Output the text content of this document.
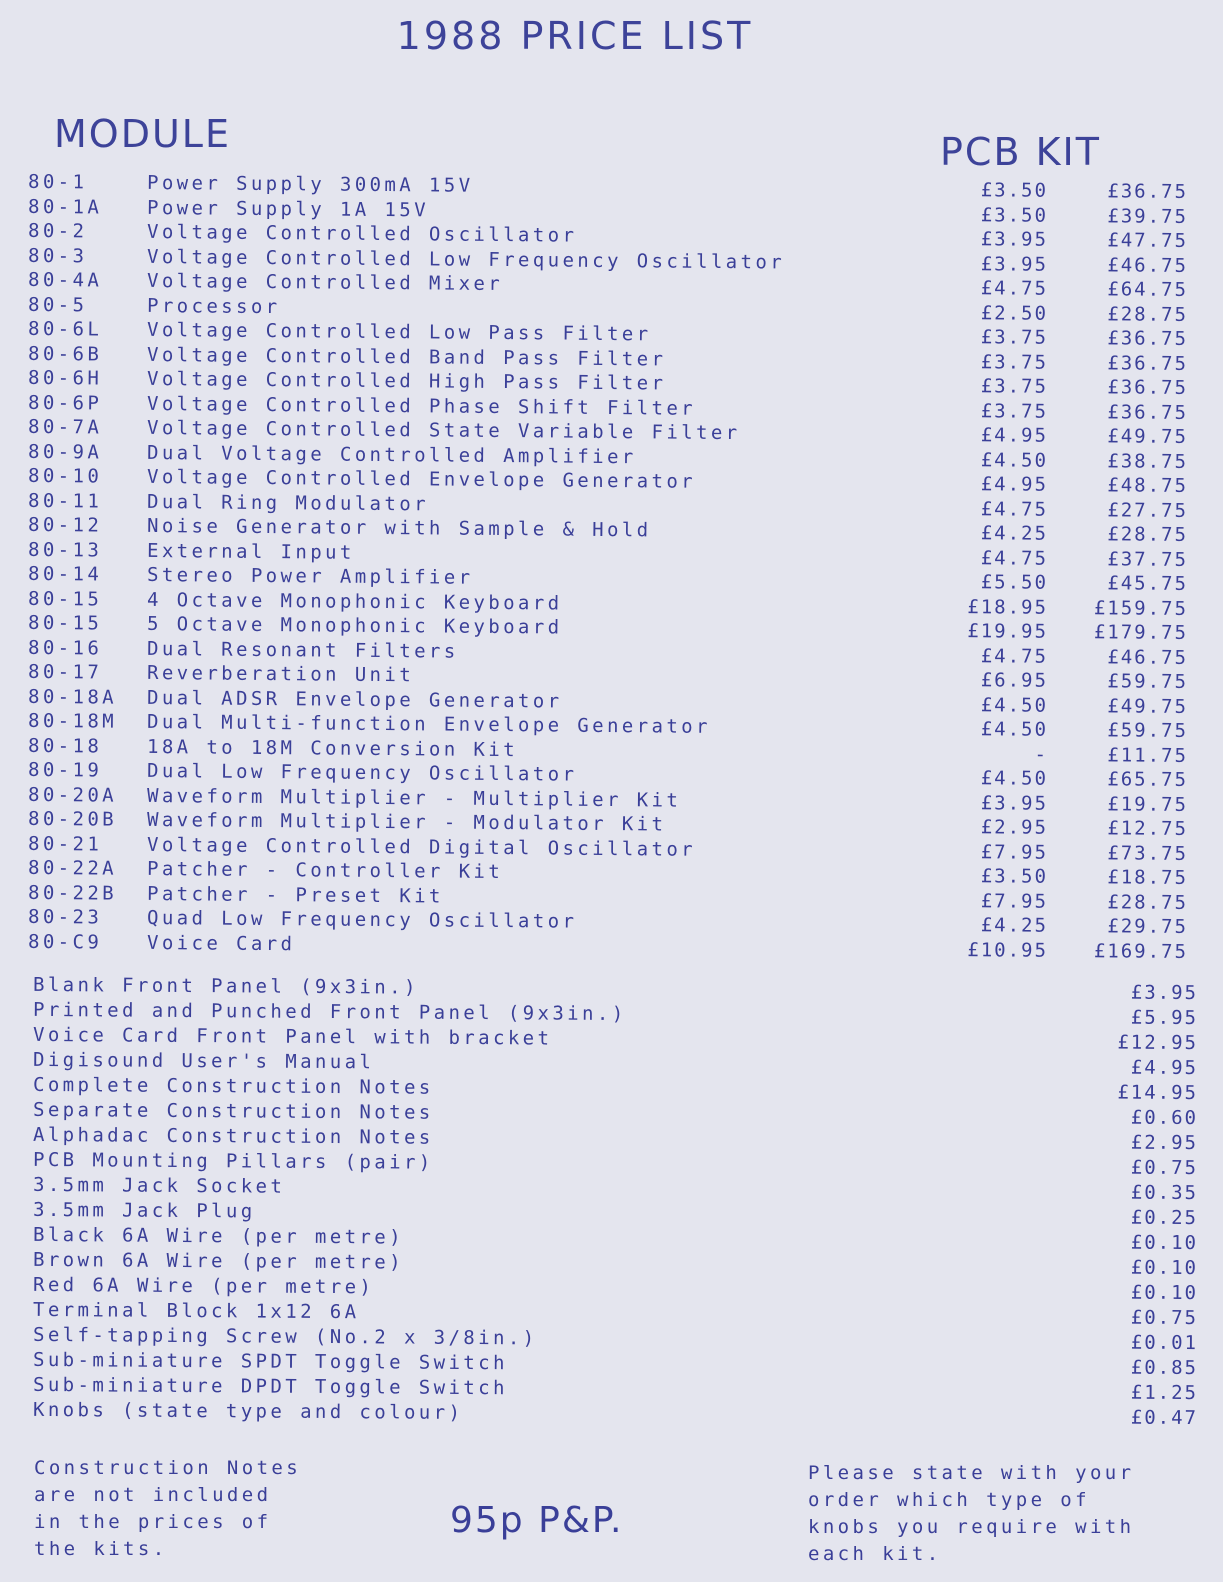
1988 PRICE LIST
MODULE	PCB KIT
80-1	Power Supply 300mA 15V	£3.50	£36.75
80-1A Power Supply 1A 15V	£3.50	£39.75
80-2	Voltage Controlled Oscillator	£3.95	£47.75
80-3	Voltage Controlled Low Frequency Oscillator	£3.95	£46.75
80-4A Voltage Controlled Mixer	£4.75	£64.75
80-5	Processor	£2.50	£28.75
80-6L Voltage Controlled Low Pass Filter	£3.75	£36.75
80-6B Voltage Controlled Band Pass Filter	£3.75	£36.75
80-6H Voltage Controlled High Pass Filter	£3.75	£36.75
80-6P Voltage Controlled Phase Shift Filter	£3.75	£36.75
80-7A Voltage Controlled State Variable Filter	£4.95	£49.75
80-9A Dual Voltage Controlled Amplifier	£4.50	£38.75
80-10 Voltage Controlled Envelope Generator	£4.95	£48.75
80-11 Dual Ring Modulator	£4.75	£27.75
80-12 Noise Generator with Sample & Hold	£4.25	£28.75
80-13 External Input	£4.75	£37.75
80-14 Stereo Power Amplifier	£5.50	£45.75
80-15 4 Octave Monophonic Keyboard	£18.95	£159.75
80-15 5 Octave Monophonic Keyboard	£19.95	£179.75
80-16 Dual Resonant Filters	£4.75	£46.75
80-17 Reverberation Unit	£6.95	£59.75
80-18A Dual ADSR Envelope Generator	£4.50	£49.75
80-18M Dual Multi-function Envelope Generator	£4.50	£59.75
80-18 18A to 18M Conversion Kit	-	£11.75
80-19 Dual Low Frequency Oscillator	£4.50	£65.75
80-20A Waveform Multiplier - Multiplier Kit	£3.95	£19.75
80-20B Waveform Multiplier - Modulator Kit	£2.95	£12.75
80-21 Voltage Controlled Digital Oscillator	£7.95	£73.75
80-22A Patcher - Controller Kit	£3.50	£18.75
80-22B Patcher - Preset Kit	£7.95	£28.75
80-23 Quad Low Frequency Oscillator	£4.25	£29.75
80-C9 Voice Card	£10.95	£169.75
Blank Front Panel (9x3in.)	£3.95
Printed and Punched Front Panel (9x3in.)	£5.95
Voice Card Front Panel with bracket	£12.95
Digisound User's Manual	£4.95
Complete Construction Notes	£14.95
Separate Construction Notes	£0.60
Alphadac Construction Notes	£2.95
PCB Mounting Pillars (pair)	£0.75
3.5mm Jack Socket	£0.35
3.5mm Jack Plug	£0.25
Black 6A Wire (per metre)	£0.10
Brown 6A Wire (per metre)	£0.10
Red 6A Wire (per metre)	£0.10
Terminal Block 1x12 6A	£0.75
Self-tapping Screw (No.2 x 3/8in.)	£0.01
Sub-miniature SPDT Toggle Switch	£0.85
Sub-miniature DPDT Toggle Switch	£1.25
Knobs (state type and colour)	£0.47
Construction Notes
are not included
in the prices of
the kits.
95p P&P.
Please state with your
order which type of
knobs you require with
each kit.
